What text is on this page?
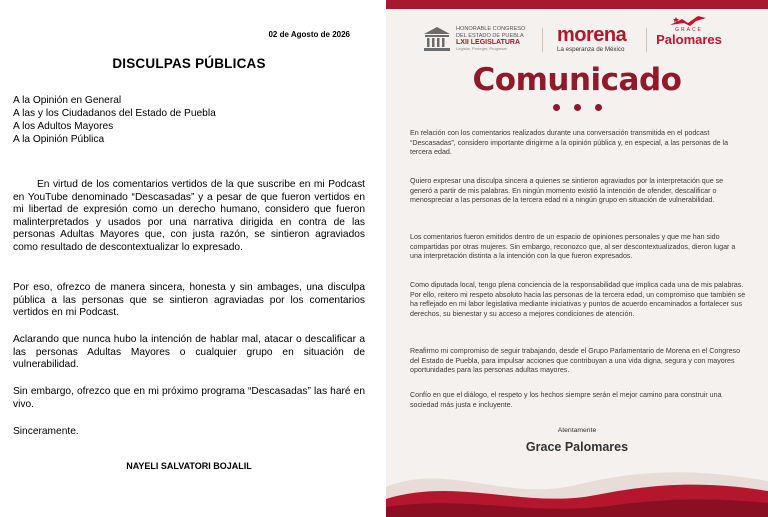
02 de Agosto de 2026
DISCULPAS PÚBLICAS
A la Opinión en General
A las y los Ciudadanos del Estado de Puebla
A los Adultos Mayores
A la Opinión Pública

En virtud de los comentarios vertidos de la que suscribe en mi Podcast en YouTube denominado “Descasadas” y a pesar de que fueron vertidos en mi libertad de expresión como un derecho humano, considero que fueron malinterpretados y usados por una narrativa dirigida en contra de las personas Adultas Mayores que, con justa razón, se sintieron agraviados como resultado de descontextualizar lo expresado.

Por eso, ofrezco de manera sincera, honesta y sin ambages, una disculpa pública a las personas que se sintieron agraviadas por los comentarios vertidos en mi Podcast.

Aclarando que nunca hubo la intención de hablar mal, atacar o descalificar a las personas Adultas Mayores o cualquier grupo en situación de vulnerabilidad.

Sin embargo, ofrezco que en mi próximo programa “Descasadas” las haré en vivo.

Sinceramente.

NAYELI SALVATORI BOJALIL
HONORABLE CONGRESO
DEL ESTADO DE PUEBLA
LXII LEGISLATURA
Legislar, Proteger, Progresar
morena
La esperanza de México
GRACE
Palomares
Comunicado

En relación con los comentarios realizados durante una conversación transmitida en el podcast “Descasadas”, considero importante dirigirme a la opinión pública y, en especial, a las personas de la tercera edad.

Quiero expresar una disculpa sincera a quienes se sintieron agraviados por la interpretación que se generó a partir de mis palabras. En ningún momento existió la intención de ofender, descalificar o menospreciar a las personas de la tercera edad ni a ningún grupo en situación de vulnerabilidad.

Los comentarios fueron emitidos dentro de un espacio de opiniones personales y que me han sido compartidas por otras mujeres. Sin embargo, reconozco que, al ser descontextualizados, dieron lugar a una interpretación distinta a la intención con la que fueron expresados.

Como diputada local, tengo plena conciencia de la responsabilidad que implica cada una de mis palabras. Por ello, reitero mi respeto absoluto hacia las personas de la tercera edad, un compromiso que también se ha reflejado en mi labor legislativa mediante iniciativas y puntos de acuerdo encaminados a fortalecer sus derechos, su bienestar y su acceso a mejores condiciones de atención.

Reafirmo mi compromiso de seguir trabajando, desde el Grupo Parlamentario de Morena en el Congreso del Estado de Puebla, para impulsar acciones que contribuyan a una vida digna, segura y con mayores oportunidades para las personas adultas mayores.

Confío en que el diálogo, el respeto y los hechos siempre serán el mejor camino para construir una sociedad más justa e incluyente.

Atentamente
Grace Palomares
